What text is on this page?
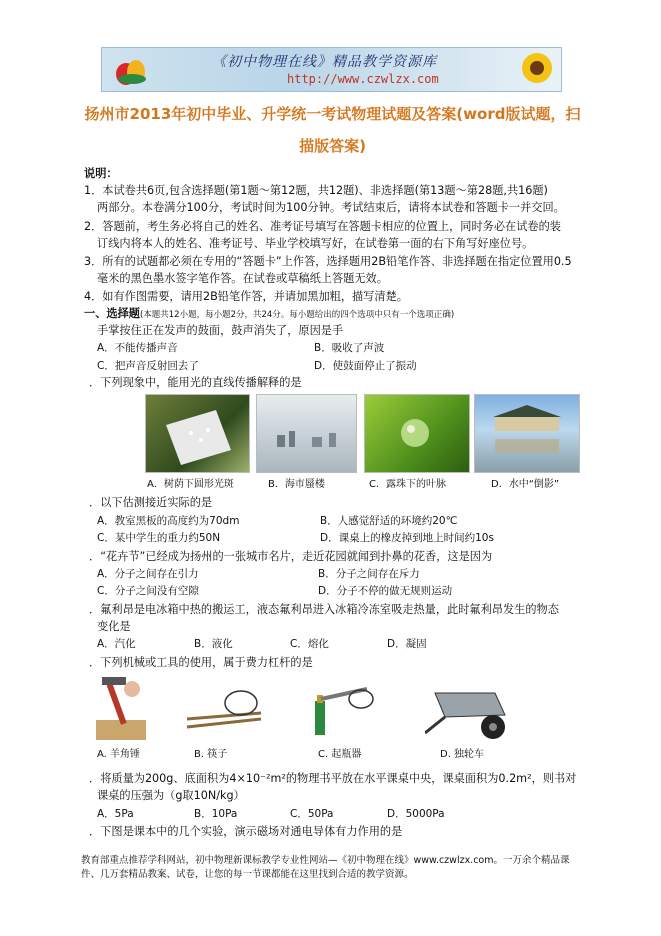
《初中物理在线》精品教学资源库
http://www.czwlzx.com
扬州市2013年初中毕业、升学统一考试物理试题及答案(word版试题，扫
描版答案)
说明：
1．本试卷共6页,包含选择题(第1题～第12题，共12题)、非选择题(第13题～第28题,共16题)
两部分。本卷满分100分，考试时间为100分钟。考试结束后，请将本试卷和答题卡一并交回。
2．答题前，考生务必将自己的姓名、准考证号填写在答题卡相应的位置上，同时务必在试卷的装
订线内将本人的姓名、准考证号、毕业学校填写好，在试卷第一面的右下角写好座位号。
3．所有的试题都必须在专用的“答题卡”上作答，选择题用2B铅笔作答、非选择题在指定位置用0.5
毫米的黑色墨水签字笔作答。在试卷或草稿纸上答题无效。
4．如有作图需要，请用2B铅笔作答，并请加黑加粗，描写清楚。
一、选择题(本题共12小题，每小题2分，共24分。每小题给出的四个选项中只有一个选项正确)
手掌按住正在发声的鼓面，鼓声消失了，原因是手
A．不能传播声音	B．吸收了声波
C．把声音反射回去了	D．使鼓面停止了振动
．下列现象中，能用光的直线传播解释的是
A．树荫下圆形光斑	B．海市蜃楼	C．露珠下的叶脉	D．水中“倒影”
．以下估测接近实际的是
A．教室黑板的高度约为70dm	B．人感觉舒适的环境约20℃
C．某中学生的重力约50N	D．课桌上的橡皮掉到地上时间约10s
．“花卉节”已经成为扬州的一张城市名片，走近花园就闻到扑鼻的花香，这是因为
A．分子之间存在引力	B．分子之间存在斥力
C．分子之间没有空隙	D．分子不停的做无规则运动
．氟利昂是电冰箱中热的搬运工，液态氟利昂进入冰箱冷冻室吸走热量，此时氟利昂发生的物态
变化是
A．汽化	B．液化	C．熔化	D．凝固
．下列机械或工具的使用，属于费力杠杆的是
A. 羊角锤	B. 筷子	C. 起瓶器	D. 独轮车
．将质量为200g、底面积为4×10⁻²m²的物理书平放在水平课桌中央，课桌面积为0.2m²，则书对
课桌的压强为（g取10N/kg）
A．5Pa	B．10Pa	C．50Pa	D．5000Pa
．下图是课本中的几个实验，演示磁场对通电导体有力作用的是
教育部重点推荐学科网站，初中物理新课标教学专业性网站—《初中物理在线》www.czwlzx.com。一万余个精品课
件、几万套精品教案、试卷，让您的每一节课都能在这里找到合适的教学资源。
